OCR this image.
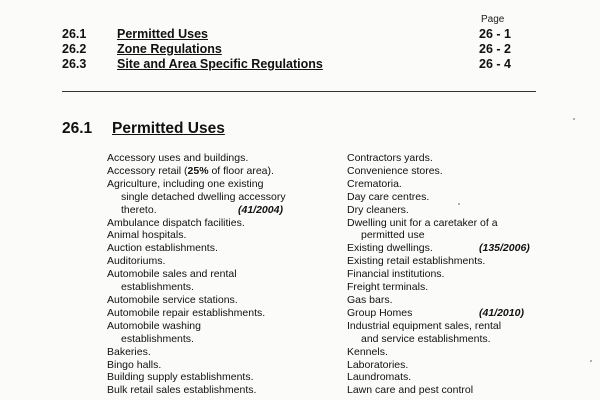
Page
26.1 Permitted Uses	26 - 1
26.2 Zone Regulations	26 - 2
26.3 Site and Area Specific Regulations	26 - 4
26.1 Permitted Uses
Accessory uses and buildings.
Accessory retail (25% of floor area).
Agriculture, including one existing
single detached dwelling accessory
thereto.	(41/2004)
Ambulance dispatch facilities.
Animal hospitals.
Auction establishments.
Auditoriums.
Automobile sales and rental
establishments.
Automobile service stations.
Automobile repair establishments.
Automobile washing
establishments.
Bakeries.
Bingo halls.
Building supply establishments.
Bulk retail sales establishments.
Contractors yards.
Convenience stores.
Crematoria.
Day care centres.
Dry cleaners.
Dwelling unit for a caretaker of a
permitted use
Existing dwellings.	(135/2006)
Existing retail establishments.
Financial institutions.
Freight terminals.
Gas bars.
Group Homes	(41/2010)
Industrial equipment sales, rental
and service establishments.
Kennels.
Laboratories.
Laundromats.
Lawn care and pest control
